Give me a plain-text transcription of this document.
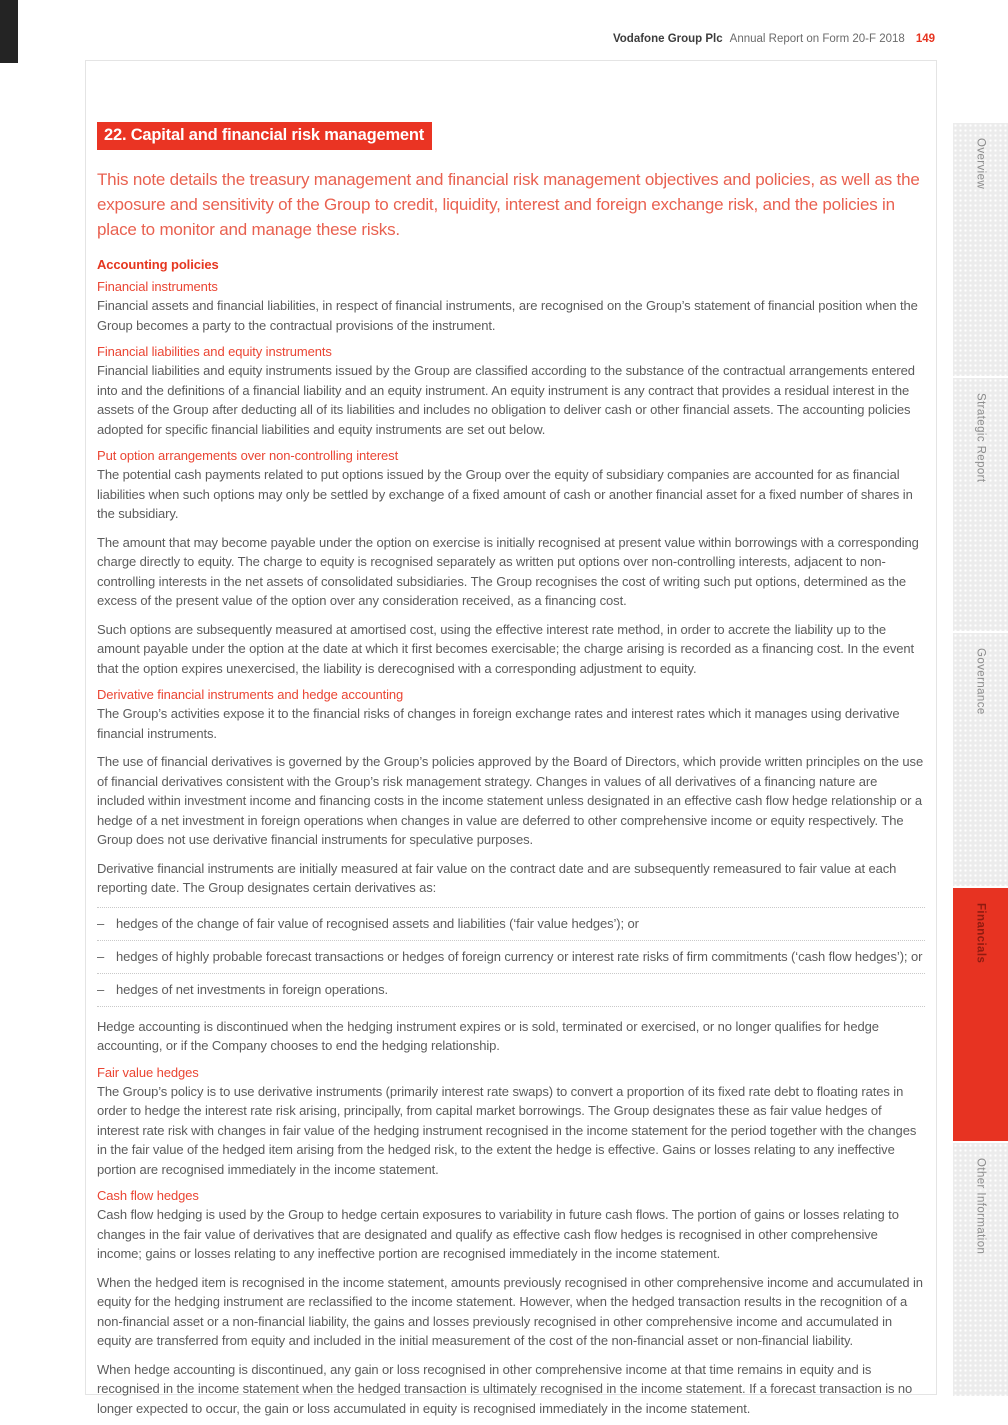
Vodafone Group Plc Annual Report on Form 20-F 2018 149
22. Capital and financial risk management
This note details the treasury management and financial risk management objectives and policies, as well as the exposure and sensitivity of the Group to credit, liquidity, interest and foreign exchange risk, and the policies in place to monitor and manage these risks.
Accounting policies
Financial instruments

Financial assets and financial liabilities, in respect of financial instruments, are recognised on the Group’s statement of financial position when the Group becomes a party to the contractual provisions of the instrument.

Financial liabilities and equity instruments

Financial liabilities and equity instruments issued by the Group are classified according to the substance of the contractual arrangements entered into and the definitions of a financial liability and an equity instrument. An equity instrument is any contract that provides a residual interest in the assets of the Group after deducting all of its liabilities and includes no obligation to deliver cash or other financial assets. The accounting policies adopted for specific financial liabilities and equity instruments are set out below.

Put option arrangements over non-controlling interest

The potential cash payments related to put options issued by the Group over the equity of subsidiary companies are accounted for as financial liabilities when such options may only be settled by exchange of a fixed amount of cash or another financial asset for a fixed number of shares in the subsidiary.

The amount that may become payable under the option on exercise is initially recognised at present value within borrowings with a corresponding charge directly to equity. The charge to equity is recognised separately as written put options over non-controlling interests, adjacent to non-controlling interests in the net assets of consolidated subsidiaries. The Group recognises the cost of writing such put options, determined as the excess of the present value of the option over any consideration received, as a financing cost.

Such options are subsequently measured at amortised cost, using the effective interest rate method, in order to accrete the liability up to the amount payable under the option at the date at which it first becomes exercisable; the charge arising is recorded as a financing cost. In the event that the option expires unexercised, the liability is derecognised with a corresponding adjustment to equity.

Derivative financial instruments and hedge accounting

The Group’s activities expose it to the financial risks of changes in foreign exchange rates and interest rates which it manages using derivative financial instruments.

The use of financial derivatives is governed by the Group’s policies approved by the Board of Directors, which provide written principles on the use of financial derivatives consistent with the Group’s risk management strategy. Changes in values of all derivatives of a financing nature are included within investment income and financing costs in the income statement unless designated in an effective cash flow hedge relationship or a hedge of a net investment in foreign operations when changes in value are deferred to other comprehensive income or equity respectively. The Group does not use derivative financial instruments for speculative purposes.

Derivative financial instruments are initially measured at fair value on the contract date and are subsequently remeasured to fair value at each reporting date. The Group designates certain derivatives as:

– hedges of the change of fair value of recognised assets and liabilities (‘fair value hedges’); or
– hedges of highly probable forecast transactions or hedges of foreign currency or interest rate risks of firm commitments (‘cash flow hedges’); or
– hedges of net investments in foreign operations.

Hedge accounting is discontinued when the hedging instrument expires or is sold, terminated or exercised, or no longer qualifies for hedge accounting, or if the Company chooses to end the hedging relationship.

Fair value hedges

The Group’s policy is to use derivative instruments (primarily interest rate swaps) to convert a proportion of its fixed rate debt to floating rates in order to hedge the interest rate risk arising, principally, from capital market borrowings. The Group designates these as fair value hedges of interest rate risk with changes in fair value of the hedging instrument recognised in the income statement for the period together with the changes in the fair value of the hedged item arising from the hedged risk, to the extent the hedge is effective. Gains or losses relating to any ineffective portion are recognised immediately in the income statement.

Cash flow hedges

Cash flow hedging is used by the Group to hedge certain exposures to variability in future cash flows. The portion of gains or losses relating to changes in the fair value of derivatives that are designated and qualify as effective cash flow hedges is recognised in other comprehensive income; gains or losses relating to any ineffective portion are recognised immediately in the income statement.

When the hedged item is recognised in the income statement, amounts previously recognised in other comprehensive income and accumulated in equity for the hedging instrument are reclassified to the income statement. However, when the hedged transaction results in the recognition of a non-financial asset or a non-financial liability, the gains and losses previously recognised in other comprehensive income and accumulated in equity are transferred from equity and included in the initial measurement of the cost of the non-financial asset or non-financial liability.

When hedge accounting is discontinued, any gain or loss recognised in other comprehensive income at that time remains in equity and is recognised in the income statement when the hedged transaction is ultimately recognised in the income statement. If a forecast transaction is no longer expected to occur, the gain or loss accumulated in equity is recognised immediately in the income statement.

Overview
Strategic Report
Governance
Financials
Other Information
